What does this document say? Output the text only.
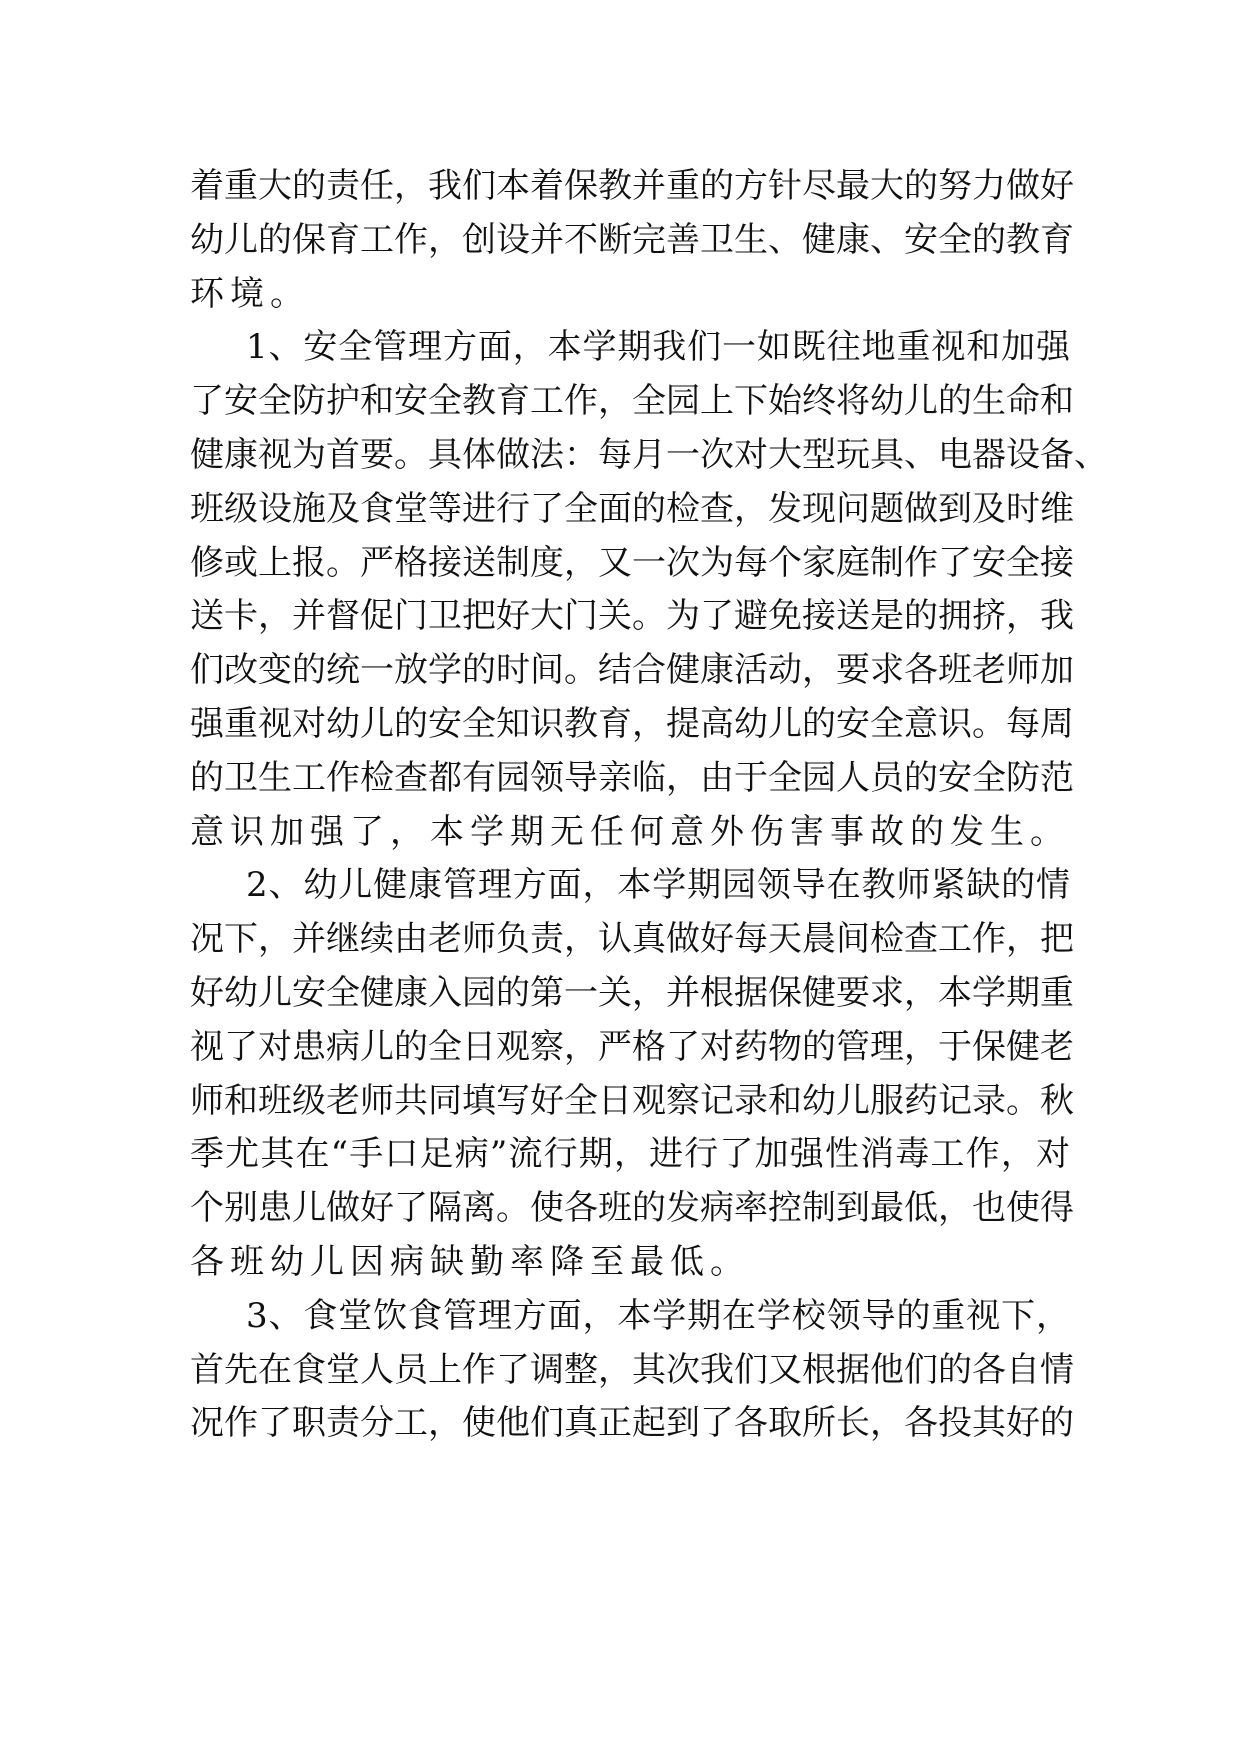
着重大的责任，我们本着保教并重的方针尽最大的努力做好
幼儿的保育工作，创设并不断完善卫生、健康、安全的教育
环境。
1、安全管理方面，本学期我们一如既往地重视和加强
了安全防护和安全教育工作，全园上下始终将幼儿的生命和
健康视为首要。具体做法：每月一次对大型玩具、电器设备、
班级设施及食堂等进行了全面的检查，发现问题做到及时维
修或上报。严格接送制度，又一次为每个家庭制作了安全接
送卡，并督促门卫把好大门关。为了避免接送是的拥挤，我
们改变的统一放学的时间。结合健康活动，要求各班老师加
强重视对幼儿的安全知识教育，提高幼儿的安全意识。每周
的卫生工作检查都有园领导亲临，由于全园人员的安全防范
意识加强了，本学期无任何意外伤害事故的发生。
2、幼儿健康管理方面，本学期园领导在教师紧缺的情
况下，并继续由老师负责，认真做好每天晨间检查工作，把
好幼儿安全健康入园的第一关，并根据保健要求，本学期重
视了对患病儿的全日观察，严格了对药物的管理，于保健老
师和班级老师共同填写好全日观察记录和幼儿服药记录。秋
季尤其在“手口足病”流行期，进行了加强性消毒工作，对
个别患儿做好了隔离。使各班的发病率控制到最低，也使得
各班幼儿因病缺勤率降至最低。
3、食堂饮食管理方面，本学期在学校领导的重视下，
首先在食堂人员上作了调整，其次我们又根据他们的各自情
况作了职责分工，使他们真正起到了各取所长，各投其好的
